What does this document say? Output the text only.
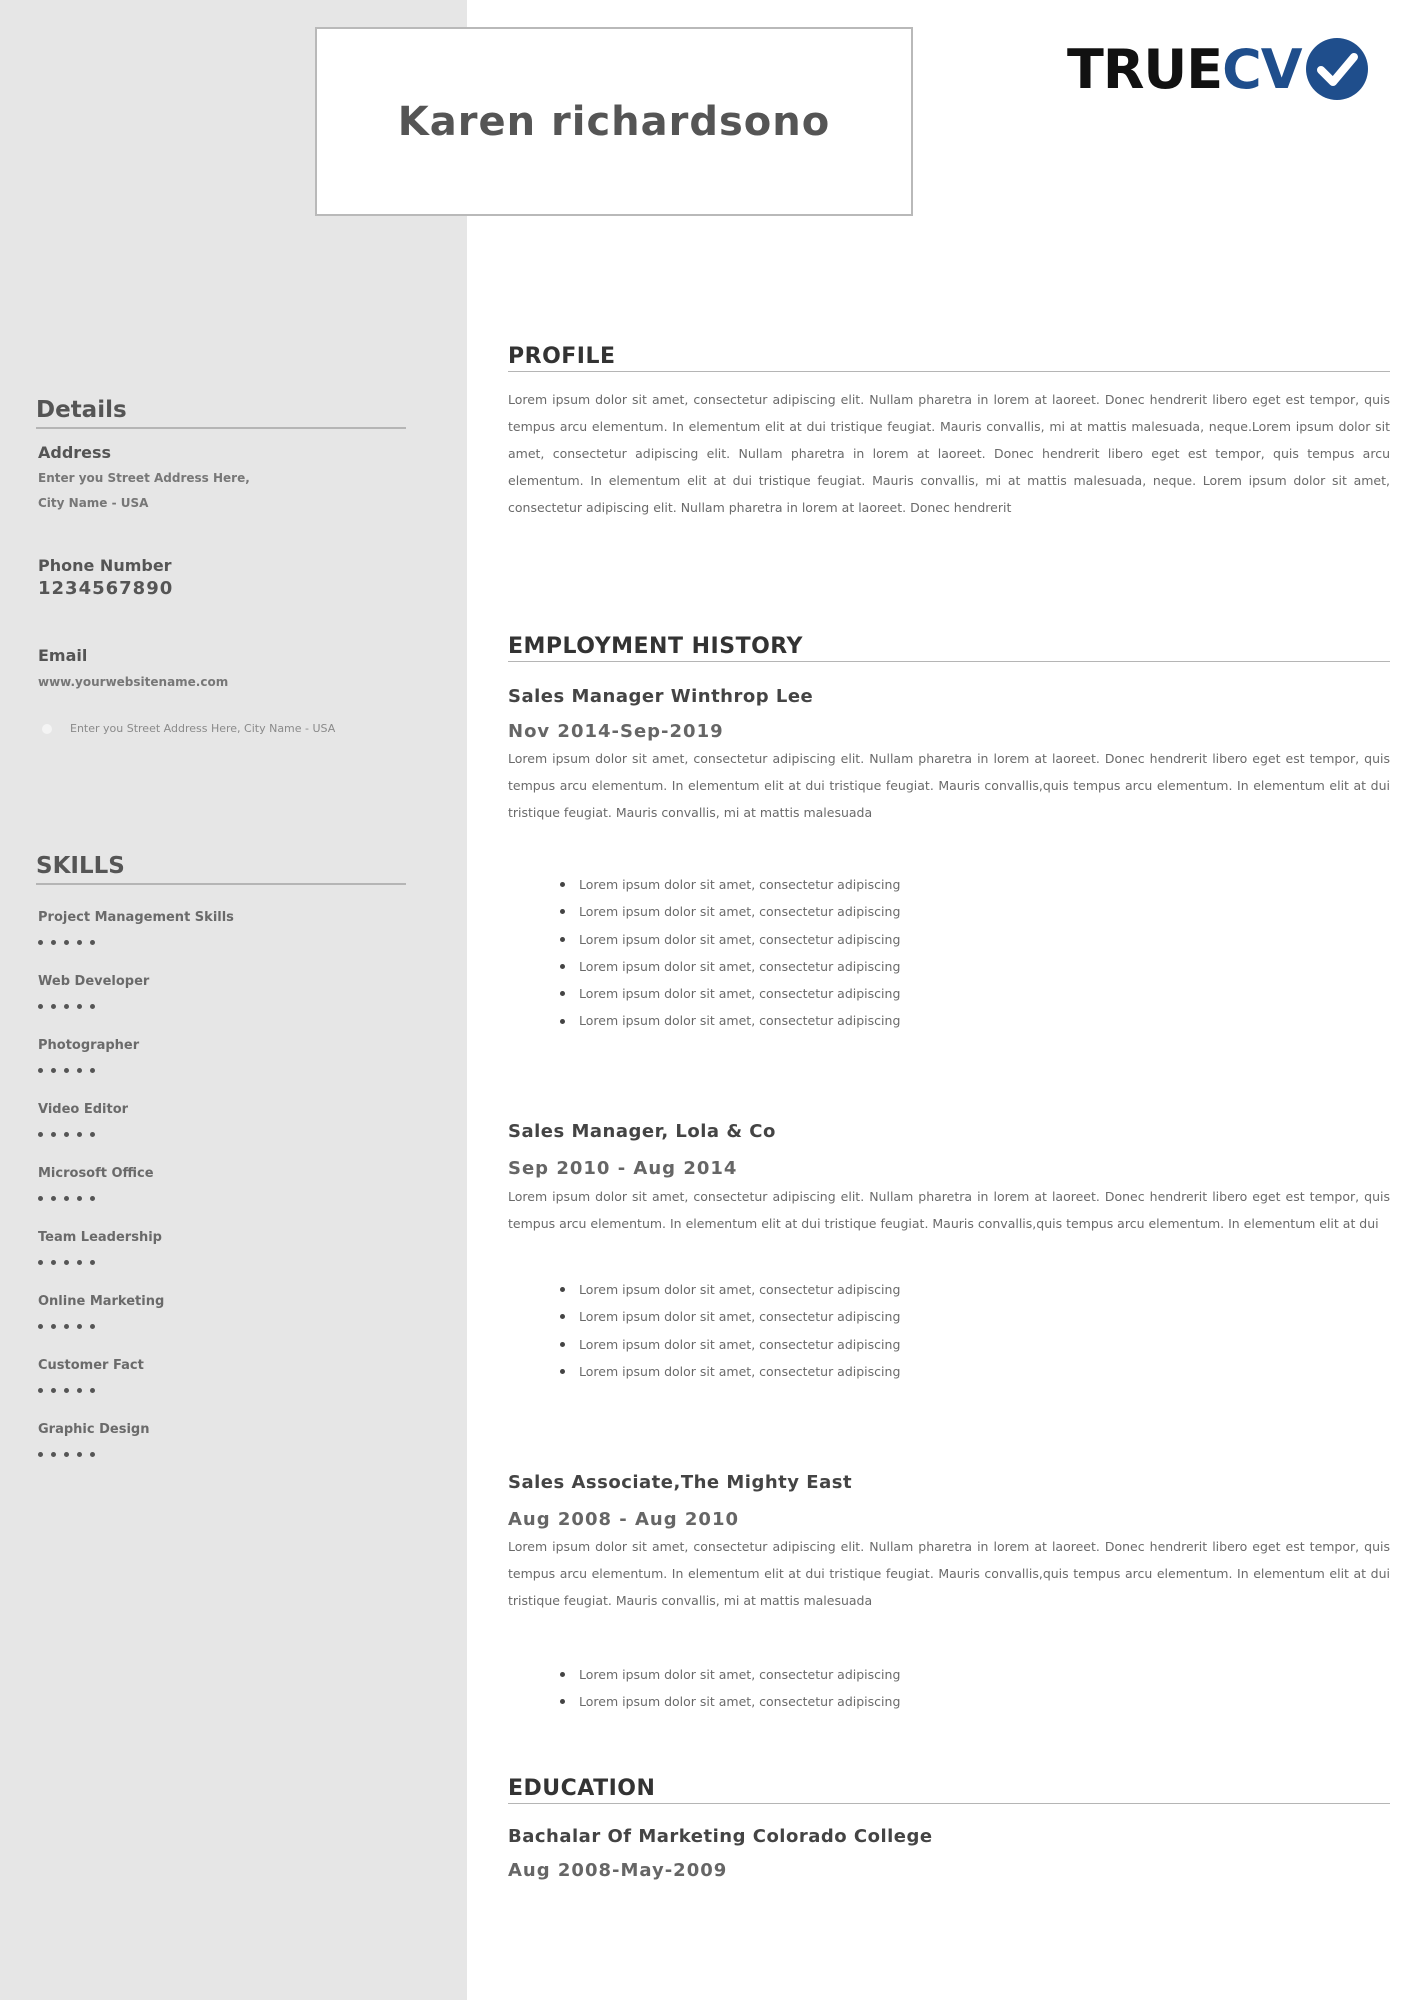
Karen richardsono
TRUE CV
Details
Address
Enter you Street Address Here,
City Name - USA
Phone Number
1234567890
Email
www.yourwebsitename.com
Enter you Street Address Here, City Name - USA
SKILLS
Project Management Skills
Web Developer
Photographer
Video Editor
Microsoft Office
Team Leadership
Online Marketing
Customer Fact
Graphic Design
PROFILE
Lorem ipsum dolor sit amet, consectetur adipiscing elit. Nullam pharetra in lorem at laoreet. Donec hendrerit libero eget est tempor, quis tempus arcu elementum. In elementum elit at dui tristique feugiat. Mauris convallis, mi at mattis malesuada, neque.Lorem ipsum dolor sit amet, consectetur adipiscing elit. Nullam pharetra in lorem at laoreet. Donec hendrerit libero eget est tempor, quis tempus arcu elementum. In elementum elit at dui tristique feugiat. Mauris convallis, mi at mattis malesuada, neque. Lorem ipsum dolor sit amet, consectetur adipiscing elit. Nullam pharetra in lorem at laoreet. Donec hendrerit
EMPLOYMENT HISTORY
Sales Manager Winthrop Lee
Nov 2014-Sep-2019
Lorem ipsum dolor sit amet, consectetur adipiscing elit. Nullam pharetra in lorem at laoreet. Donec hendrerit libero eget est tempor, quis tempus arcu elementum. In elementum elit at dui tristique feugiat. Mauris convallis,quis tempus arcu elementum. In elementum elit at dui tristique feugiat. Mauris convallis, mi at mattis malesuada
Lorem ipsum dolor sit amet, consectetur adipiscing
Lorem ipsum dolor sit amet, consectetur adipiscing
Lorem ipsum dolor sit amet, consectetur adipiscing
Lorem ipsum dolor sit amet, consectetur adipiscing
Lorem ipsum dolor sit amet, consectetur adipiscing
Lorem ipsum dolor sit amet, consectetur adipiscing
Sales Manager, Lola & Co
Sep 2010 - Aug 2014
Lorem ipsum dolor sit amet, consectetur adipiscing elit. Nullam pharetra in lorem at laoreet. Donec hendrerit libero eget est tempor, quis tempus arcu elementum. In elementum elit at dui tristique feugiat. Mauris convallis,quis tempus arcu elementum. In elementum elit at dui
Lorem ipsum dolor sit amet, consectetur adipiscing
Lorem ipsum dolor sit amet, consectetur adipiscing
Lorem ipsum dolor sit amet, consectetur adipiscing
Lorem ipsum dolor sit amet, consectetur adipiscing
Sales Associate,The Mighty East
Aug 2008 - Aug 2010
Lorem ipsum dolor sit amet, consectetur adipiscing elit. Nullam pharetra in lorem at laoreet. Donec hendrerit libero eget est tempor, quis tempus arcu elementum. In elementum elit at dui tristique feugiat. Mauris convallis,quis tempus arcu elementum. In elementum elit at dui tristique feugiat. Mauris convallis, mi at mattis malesuada
Lorem ipsum dolor sit amet, consectetur adipiscing
Lorem ipsum dolor sit amet, consectetur adipiscing
EDUCATION
Bachalar Of Marketing Colorado College
Aug 2008-May-2009
